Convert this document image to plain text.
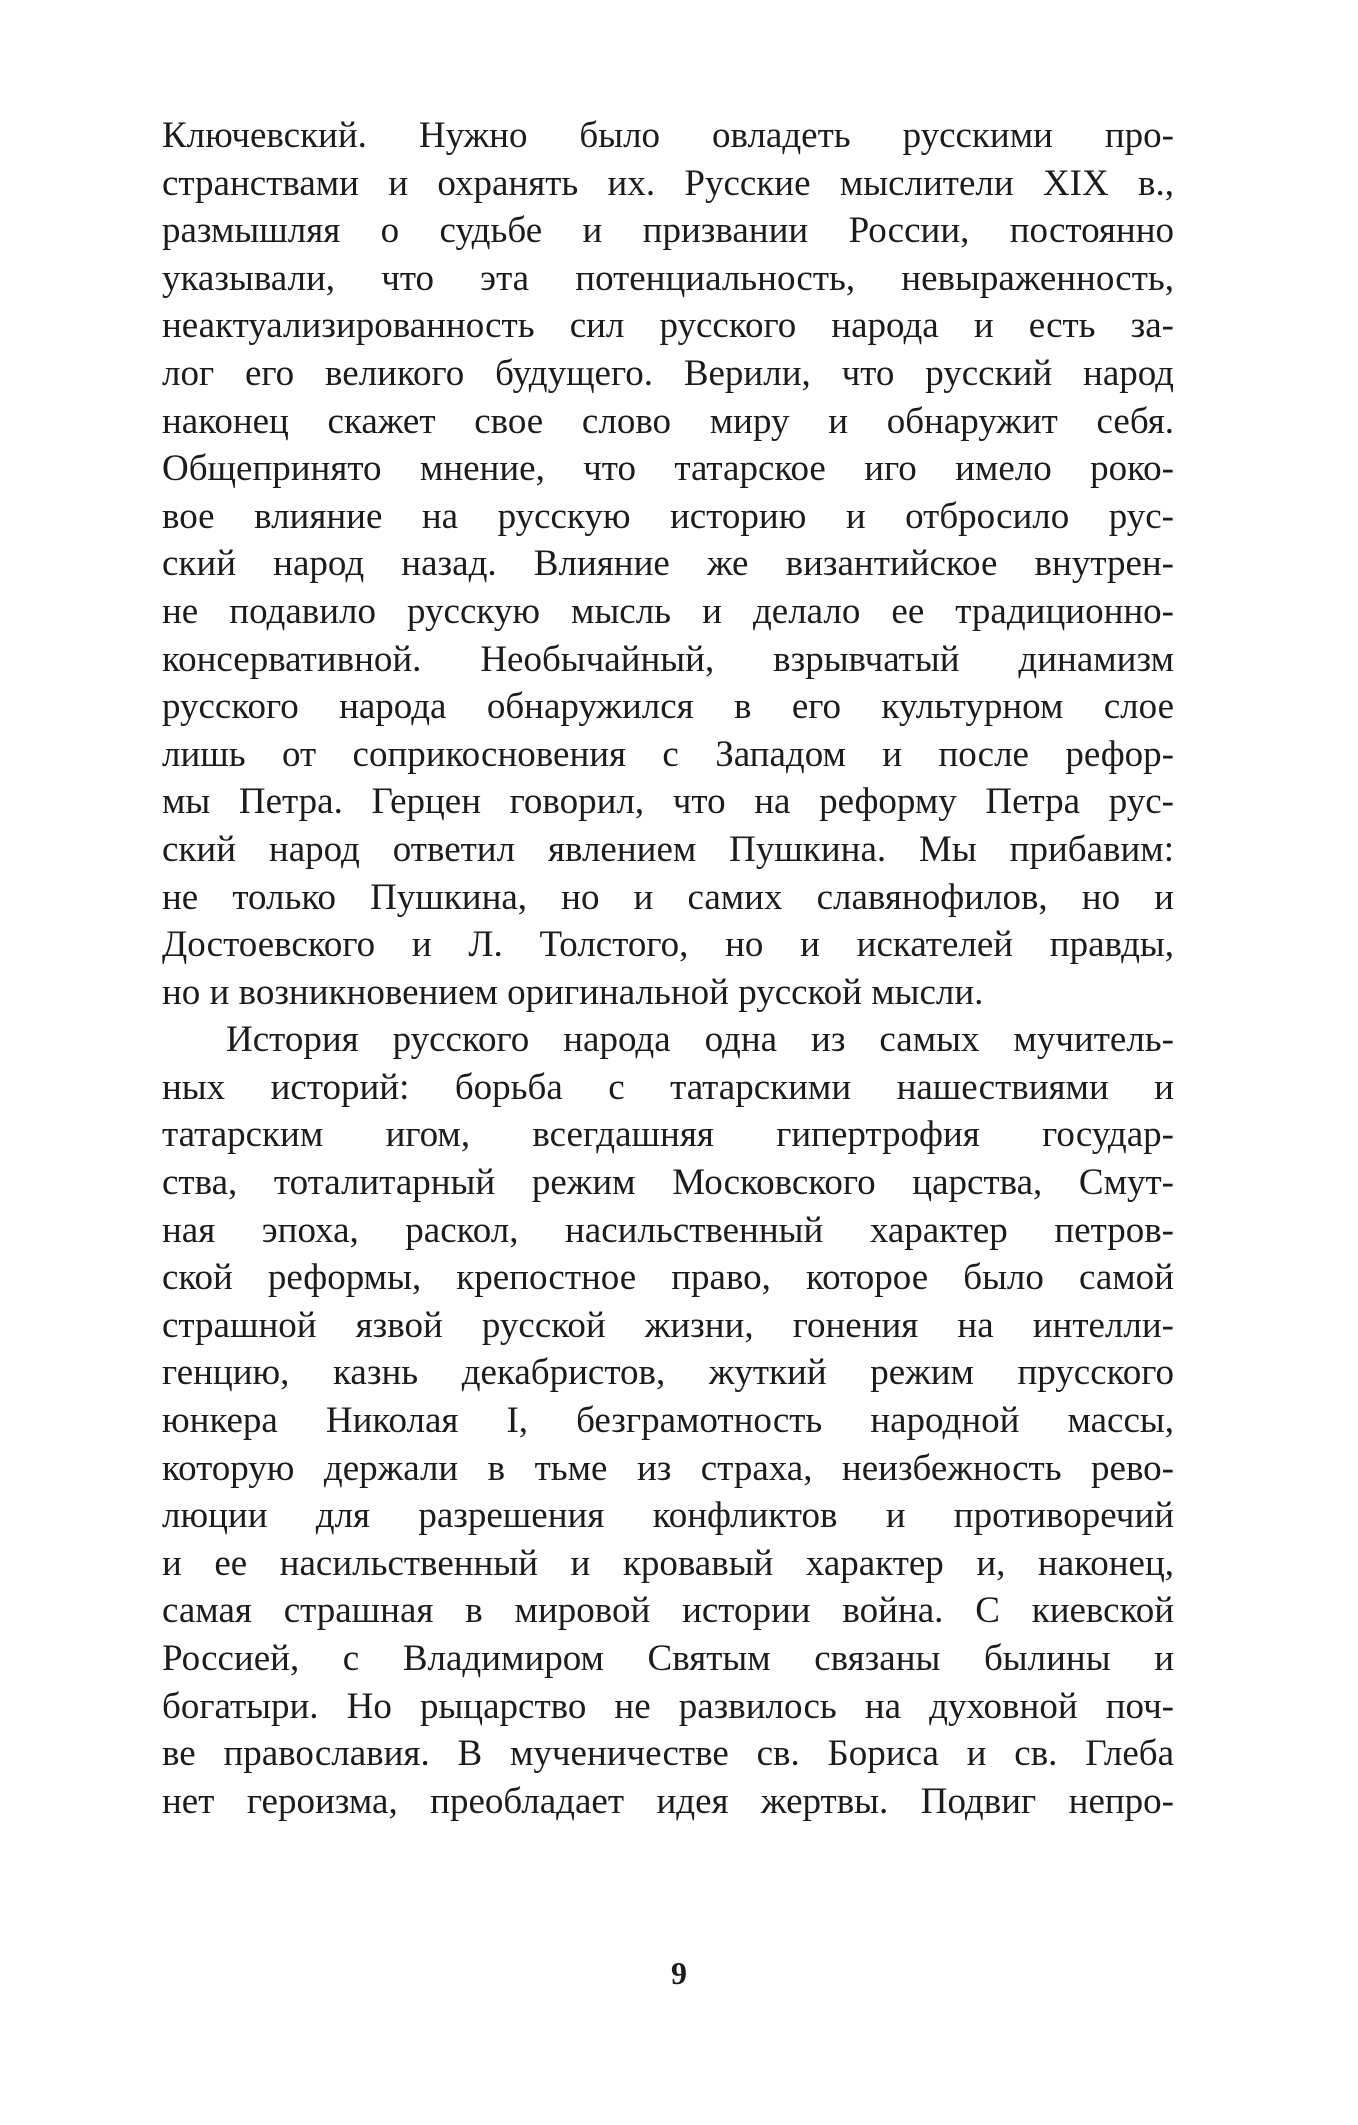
Ключевский. Нужно было овладеть русскими про-
странствами и охранять их. Русские мыслители XIX в.,
размышляя о судьбе и призвании России, постоянно
указывали, что эта потенциальность, невыраженность,
неактуализированность сил русского народа и есть за-
лог его великого будущего. Верили, что русский народ
наконец скажет свое слово миру и обнаружит себя.
Общепринято мнение, что татарское иго имело роко-
вое влияние на русскую историю и отбросило рус-
ский народ назад. Влияние же византийское внутрен-
не подавило русскую мысль и делало ее традиционно-
консервативной. Необычайный, взрывчатый динамизм
русского народа обнаружился в его культурном слое
лишь от соприкосновения с Западом и после рефор-
мы Петра. Герцен говорил, что на реформу Петра рус-
ский народ ответил явлением Пушкина. Мы прибавим:
не только Пушкина, но и самих славянофилов, но и
Достоевского и Л. Толстого, но и искателей правды,
но и возникновением оригинальной русской мысли.
История русского народа одна из самых мучитель-
ных историй: борьба с татарскими нашествиями и
татарским игом, всегдашняя гипертрофия государ-
ства, тоталитарный режим Московского царства, Смут-
ная эпоха, раскол, насильственный характер петров-
ской реформы, крепостное право, которое было самой
страшной язвой русской жизни, гонения на интелли-
генцию, казнь декабристов, жуткий режим прусского
юнкера Николая I, безграмотность народной массы,
которую держали в тьме из страха, неизбежность рево-
люции для разрешения конфликтов и противоречий
и ее насильственный и кровавый характер и, наконец,
самая страшная в мировой истории война. С киевской
Россией, с Владимиром Святым связаны былины и
богатыри. Но рыцарство не развилось на духовной поч-
ве православия. В мученичестве св. Бориса и св. Глеба
нет героизма, преобладает идея жертвы. Подвиг непро-
9
